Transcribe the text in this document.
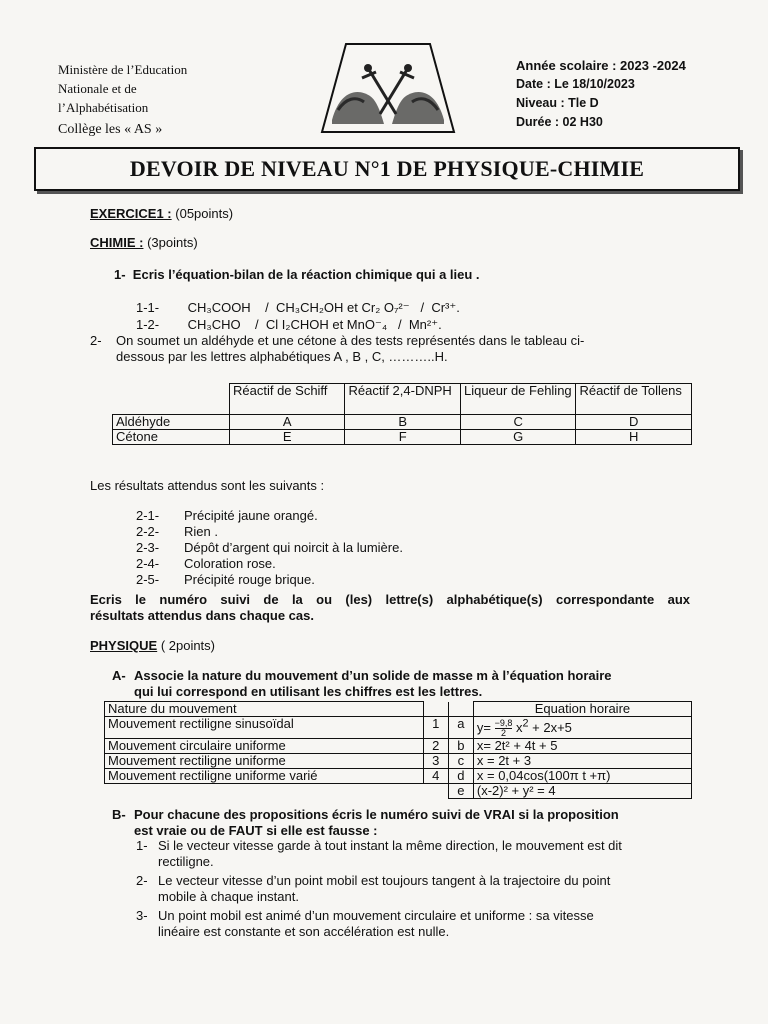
Ministère de l’Education
Nationale et de
l’Alphabétisation
Collège les « AS »
Année scolaire : 2023 -2024
Date : Le 18/10/2023
Niveau : Tle D
Durée : 02 H30
DEVOIR DE NIVEAU N°1 DE PHYSIQUE-CHIMIE
EXERCICE1 : (05points)
CHIMIE : (3points)
1- Ecris l’équation-bilan de la réaction chimique qui a lieu .
1-1- CH₃COOH / CH₃CH₂OH et Cr₂ O₇²⁻ / Cr³⁺.
1-2- CH₃CHO / Cl I₂CHOH et MnO⁻₄ / Mn²⁺.
2- On soumet un aldéhyde et une cétone à des tests représentés dans le tableau ci-
dessous par les lettres alphabétiques A , B , C, ………..H.
	Réactif de Schiff	Réactif 2,4-DNPH	Liqueur de Fehling	Réactif de Tollens
Aldéhyde	A	B	C	D
Cétone	E	F	G	H
Les résultats attendus sont les suivants :
2-1- Précipité jaune orangé.
2-2- Rien .
2-3- Dépôt d’argent qui noircit à la lumière.
2-4- Coloration rose.
2-5- Précipité rouge brique.
Ecris le numéro suivi de la ou (les) lettre(s) alphabétique(s) correspondante aux
résultats attendus dans chaque cas.
PHYSIQUE ( 2points)
A- Associe la nature du mouvement d’un solide de masse m à l’équation horaire
qui lui correspond en utilisant les chiffres est les lettres.
Nature du mouvement			Equation horaire
Mouvement rectiligne sinusoïdal	1	a	$y= \frac{-9,8}{2} x^2 + 2x+5$
Mouvement circulaire uniforme	2	b	x= 2t² + 4t + 5
Mouvement rectiligne uniforme	3	c	x = 2t + 3
Mouvement rectiligne uniforme varié	4	d	x = 0,04cos(100π t +π)
		e	(x-2)² + y² = 4
B- Pour chacune des propositions écris le numéro suivi de VRAI si la proposition
est vraie ou de FAUT si elle est fausse :
1- Si le vecteur vitesse garde à tout instant la même direction, le mouvement est dit
rectiligne.
2- Le vecteur vitesse d’un point mobil est toujours tangent à la trajectoire du point
mobile à chaque instant.
3- Un point mobil est animé d’un mouvement circulaire et uniforme : sa vitesse
linéaire est constante et son accélération est nulle.
